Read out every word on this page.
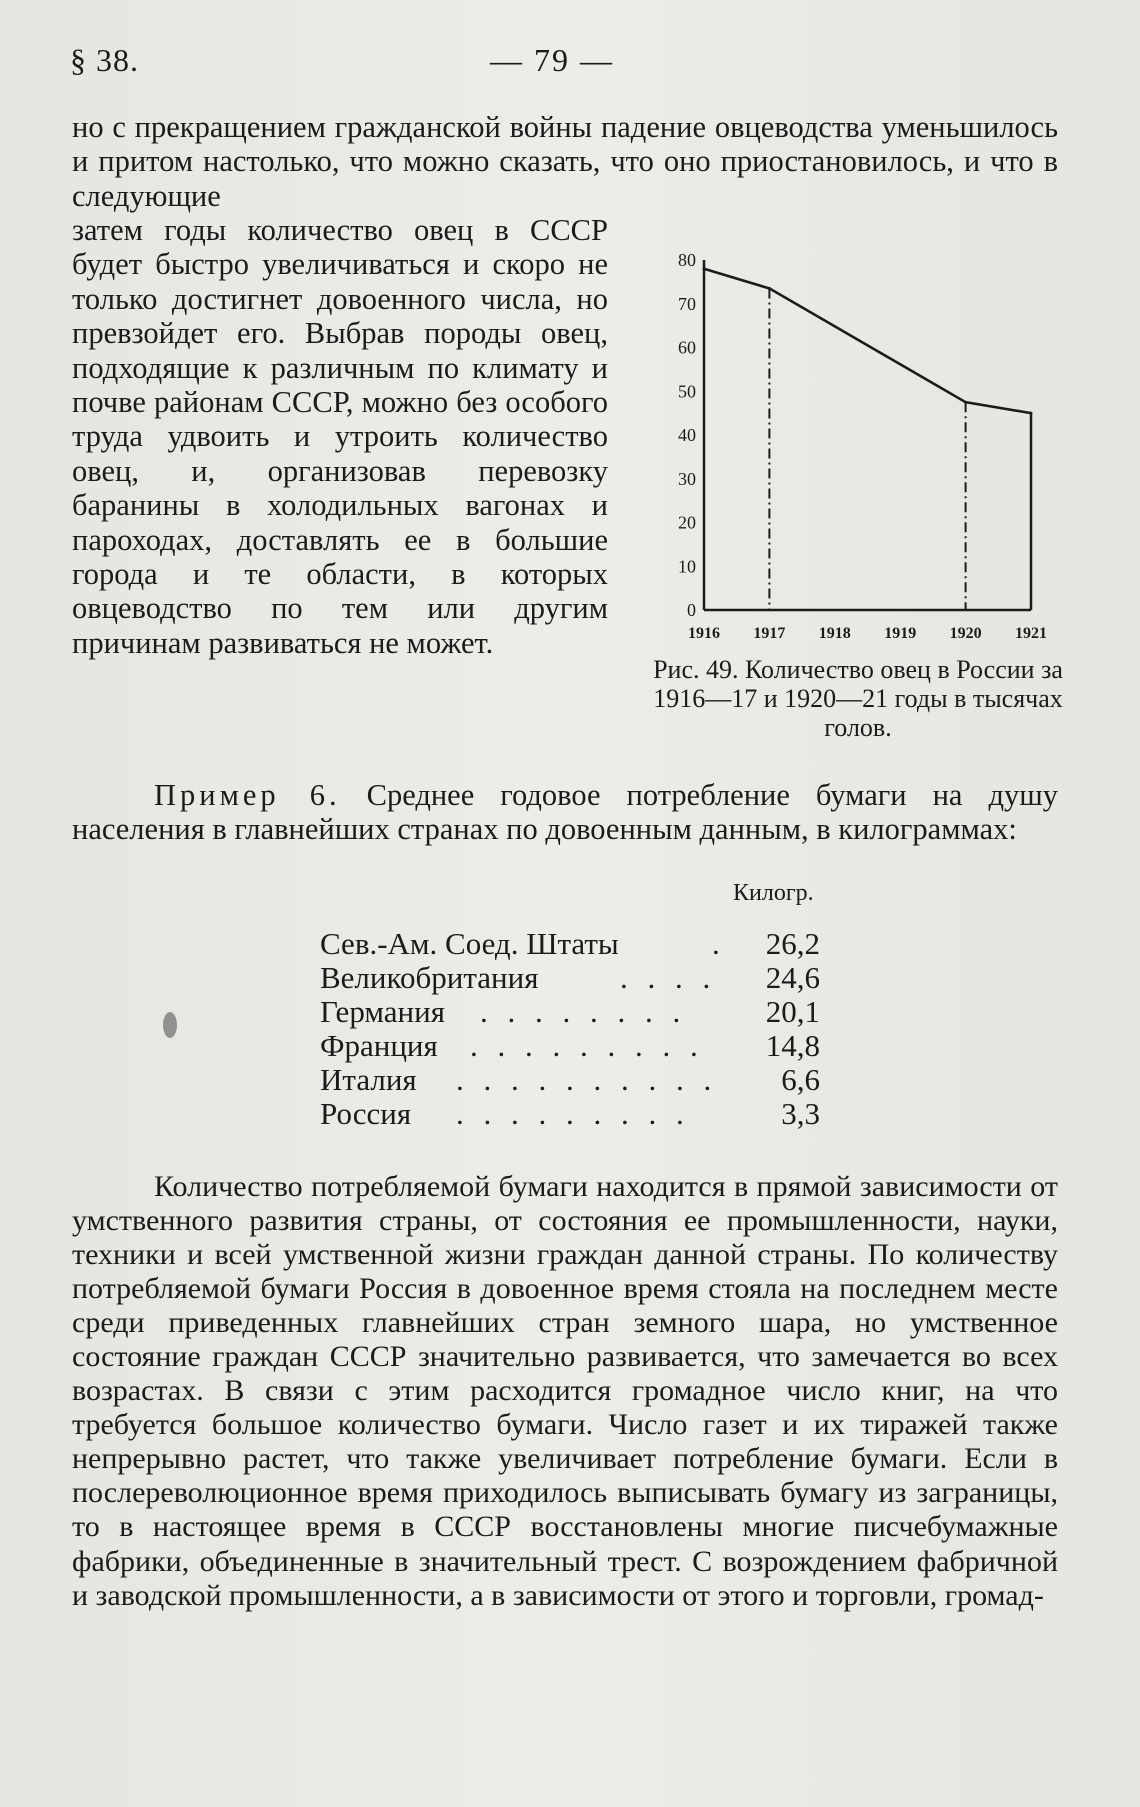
§ 38.	— 79 —

но с прекращением гражданской войны падение овцеводства уменьшилось и притом настолько, что можно сказать, что оно приостановилось, и что в следующие

затем годы количество овец в СССР будет быстро увеличиваться и скоро не только достигнет довоенного числа, но превзойдет его. Выбрав породы овец, подходящие к различным по климату и почве районам СССР, можно без особого труда удвоить и утроить количество овец, и, организовав перевозку баранины в холодильных вагонах и пароходах, доставлять ее в большие города и те области, в которых овцеводство по тем или другим причинам развиваться не может.

0
10
20
30
40
50
60
70
80
1916 1917 1918 1919 1920 1921
Рис. 49. Количество овец в России за 1916—17 и 1920—21 годы в тысячах голов.

Пример 6. Среднее годовое потребление бумаги на душу населения в главнейших странах по довоенным данным, в килограммах:

Килогр.
Сев.-Ам. Соед. Штаты	. 26,2
Великобритания	. . . . 24,6
Германия . . . . . . . .	20,1
Франция . . . . . . . . . 14,8
Италия . . . . . . . . . . 6,6
Россия . . . . . . . . .	3,3

Количество потребляемой бумаги находится в прямой зависимости от умственного развития страны, от состояния ее промышленности, науки, техники и всей умственной жизни граждан данной страны. По количеству потребляемой бумаги Россия в довоенное время стояла на последнем месте среди приведенных главнейших стран земного шара, но умственное состояние граждан СССР значительно развивается, что замечается во всех возрастах. В связи с этим расходится громадное число книг, на что требуется большое количество бумаги. Число газет и их тиражей также непрерывно растет, что также увеличивает потребление бумаги. Если в послереволюционное время приходилось выписывать бумагу из заграницы, то в настоящее время в СССР восстановлены многие писчебумажные фабрики, объединенные в значительный трест. С возрождением фабричной и заводской промышленности, а в зависимости от этого и торговли, громад-
